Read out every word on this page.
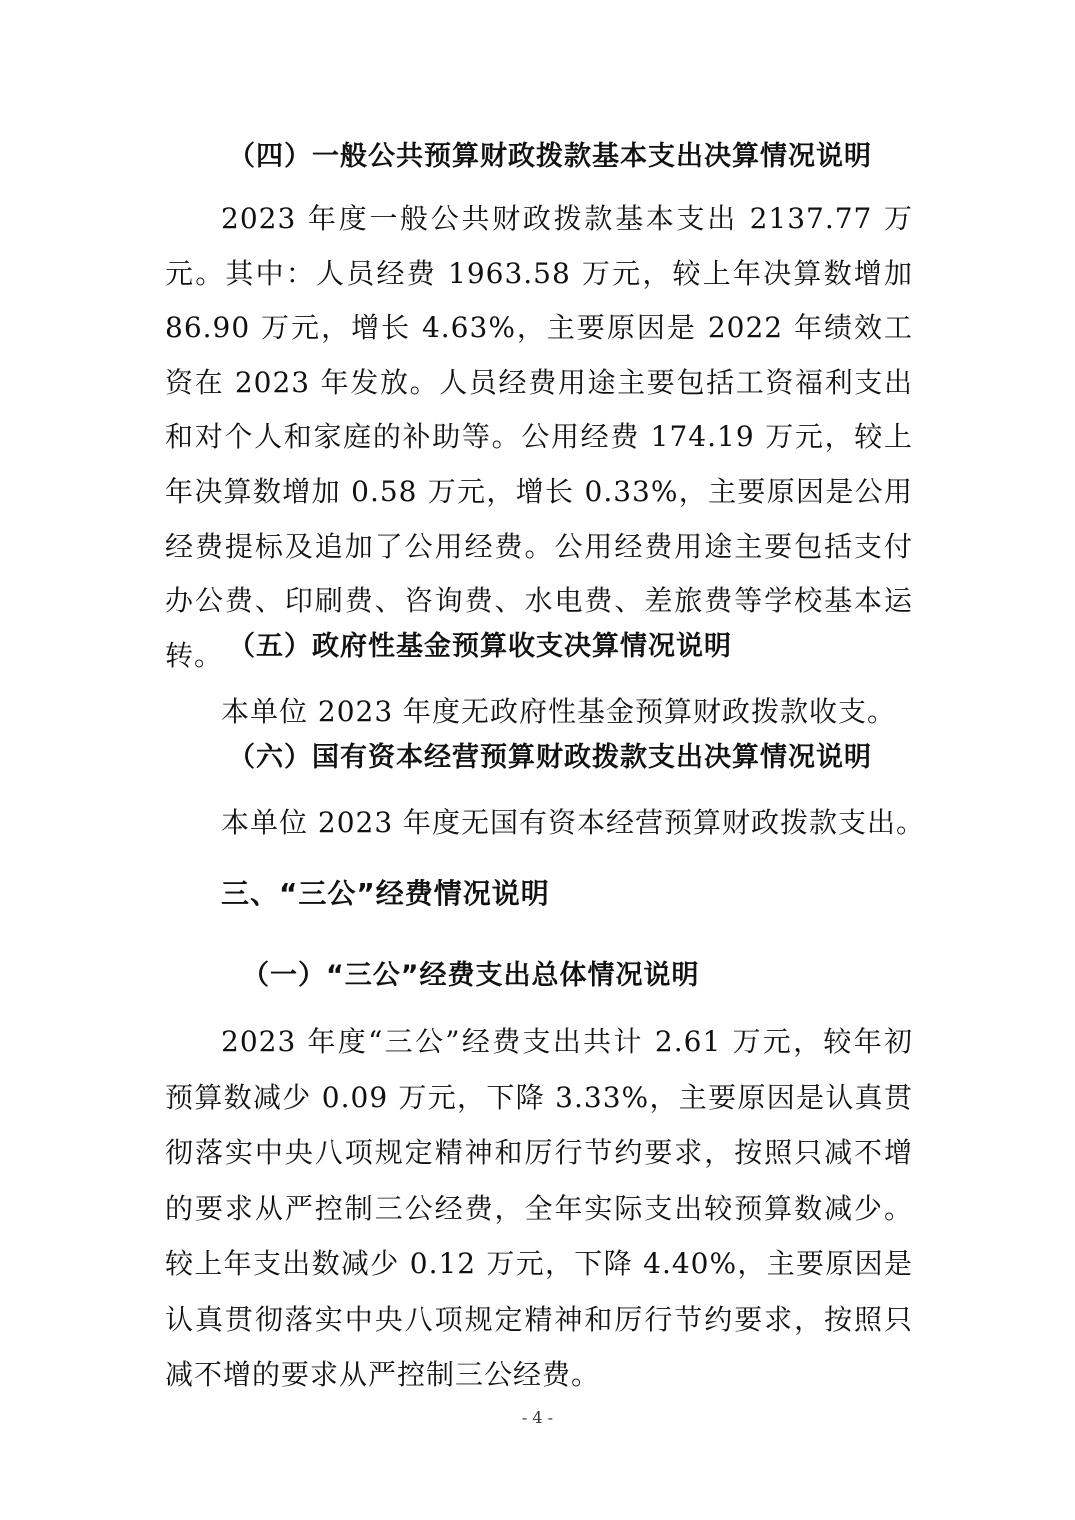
（四）一般公共预算财政拨款基本支出决算情况说明
2023 年度一般公共财政拨款基本支出 2137.77 万元。其中：人员经费 1963.58 万元，较上年决算数增加 86.90 万元，增长 4.63%，主要原因是 2022 年绩效工资在 2023 年发放。人员经费用途主要包括工资福利支出和对个人和家庭的补助等。公用经费 174.19 万元，较上年决算数增加 0.58 万元，增长 0.33%，主要原因是公用经费提标及追加了公用经费。公用经费用途主要包括支付办公费、印刷费、咨询费、水电费、差旅费等学校基本运转。 （五）政府性基金预算收支决算情况说明
本单位 2023 年度无政府性基金预算财政拨款收支。
（六）国有资本经营预算财政拨款支出决算情况说明
本单位 2023 年度无国有资本经营预算财政拨款支出。
三、“三公”经费情况说明
（一）“三公”经费支出总体情况说明
2023 年度“三公”经费支出共计 2.61 万元，较年初预算数减少 0.09 万元，下降 3.33%，主要原因是认真贯彻落实中央八项规定精神和厉行节约要求，按照只减不增的要求从严控制三公经费，全年实际支出较预算数减少。较上年支出数减少 0.12 万元，下降 4.40%，主要原因是认真贯彻落实中央八项规定精神和厉行节约要求，按照只减不增的要求从严控制三公经费。
- 4 -
